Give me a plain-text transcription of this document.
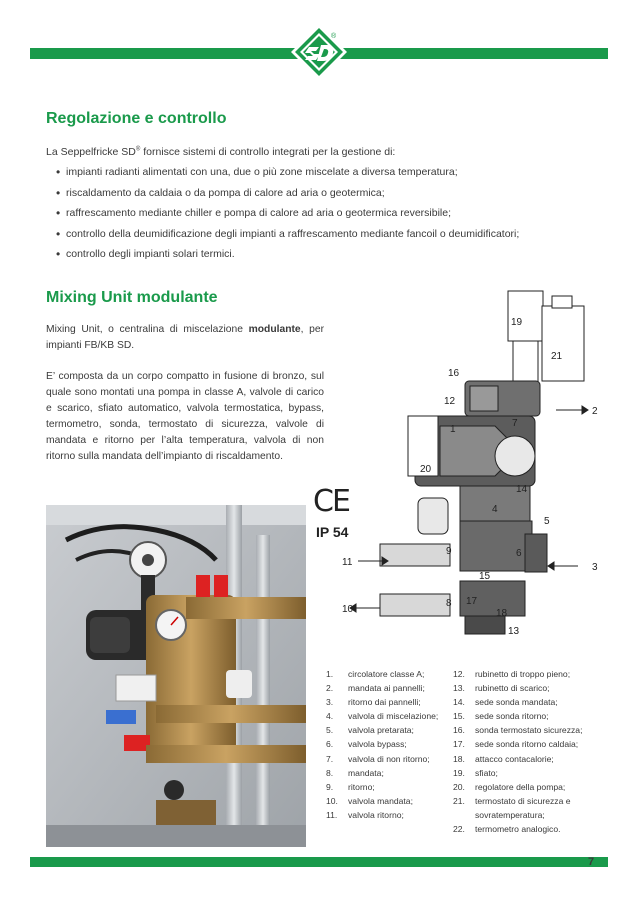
®
Regolazione e controllo
La Seppelfricke SD® fornisce sistemi di controllo integrati per la gestione di:
• impianti radianti alimentati con una, due o più zone miscelate a diversa temperatura;
• riscaldamento da caldaia o da pompa di calore ad aria o geotermica;
• raffrescamento mediante chiller e pompa di calore ad aria o geotermica reversibile;
• controllo della deumidificazione degli impianti a raffrescamento mediante fancoil o deumidificatori;
• controllo degli impianti solari termici.
Mixing Unit modulante

Mixing Unit, o centralina di miscelazione modulante, per impianti FB/KB SD.

E’ composta da un corpo compatto in fusione di bronzo, sul quale sono montati una pompa in classe A, valvole di carico e scarico, sfiato automatico, valvola termostatica, bypass, termometro, sonda, termostato di sicurezza, valvole di mandata e ritorno per l’alta temperatura, valvola di non ritorno sulla mandata dell’impianto di riscaldamento.

19
21
16
12
2
7
1
20
14
4
5
9	6
11	3
15
17
8
10	18
13
CE
IP 54
1.	circolatore classe A;
2.	mandata ai pannelli;
3.	ritorno dai pannelli;
4.	valvola di miscelazione;
5.	valvola pretarata;
6.	valvola bypass;
7.	valvola di non ritorno;
8.	mandata;
9.	ritorno;
10.	valvola mandata;
11.	valvola ritorno;
12.	rubinetto di troppo pieno;
13.	rubinetto di scarico;
14.	sede sonda mandata;
15.	sede sonda ritorno;
16.	sonda termostato sicurezza;
17.	sede sonda ritorno caldaia;
18.	attacco contacalorie;
19.	sfiato;
20.	regolatore della pompa;
21.	termostato di sicurezza e
sovratemperatura;
22.	termometro analogico.
7
